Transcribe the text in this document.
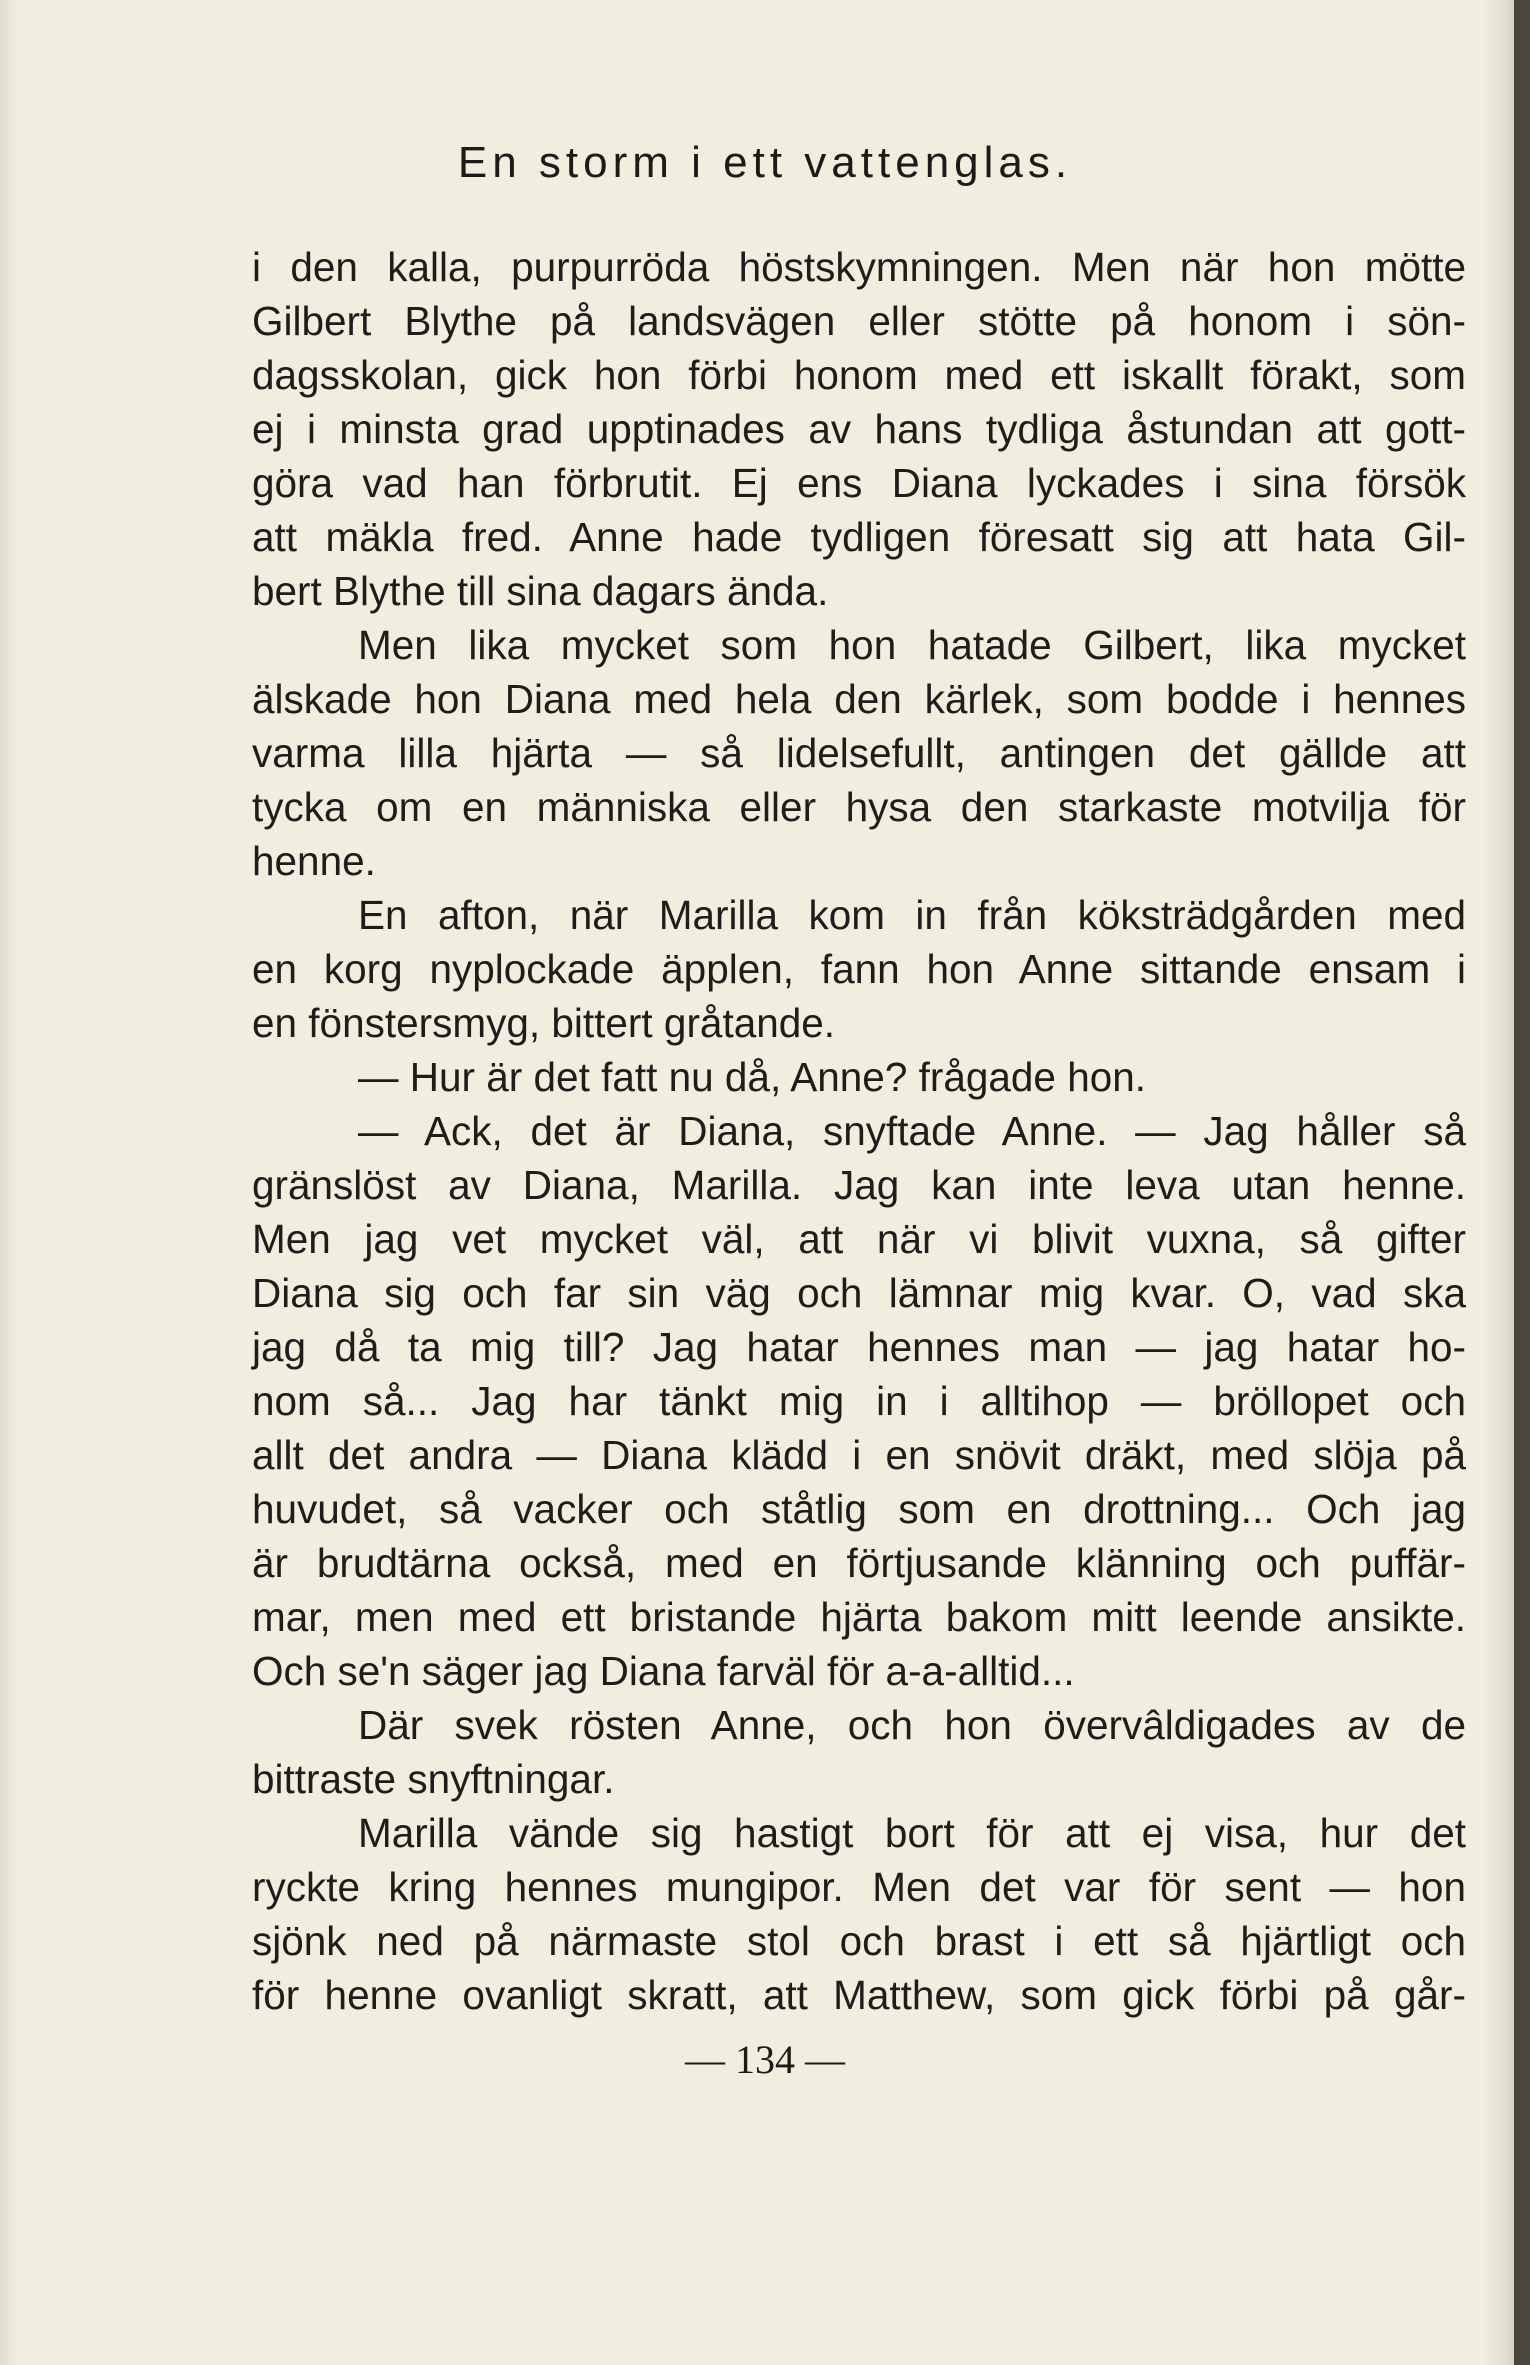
En storm i ett vattenglas.
i den kalla, purpurröda höstskymningen. Men när hon mötte
Gilbert Blythe på landsvägen eller stötte på honom i sön-
dagsskolan, gick hon förbi honom med ett iskallt förakt, som
ej i minsta grad upptinades av hans tydliga åstundan att gott-
göra vad han förbrutit. Ej ens Diana lyckades i sina försök
att mäkla fred. Anne hade tydligen föresatt sig att hata Gil-
bert Blythe till sina dagars ända.
Men lika mycket som hon hatade Gilbert, lika mycket
älskade hon Diana med hela den kärlek, som bodde i hennes
varma lilla hjärta — så lidelsefullt, antingen det gällde att
tycka om en människa eller hysa den starkaste motvilja för
henne.
En afton, när Marilla kom in från köksträdgården med
en korg nyplockade äpplen, fann hon Anne sittande ensam i
en fönstersmyg, bittert gråtande.
— Hur är det fatt nu då, Anne? frågade hon.
— Ack, det är Diana, snyftade Anne. — Jag håller så
gränslöst av Diana, Marilla. Jag kan inte leva utan henne.
Men jag vet mycket väl, att när vi blivit vuxna, så gifter
Diana sig och far sin väg och lämnar mig kvar. O, vad ska
jag då ta mig till? Jag hatar hennes man — jag hatar ho-
nom så... Jag har tänkt mig in i alltihop — bröllopet och
allt det andra — Diana klädd i en snövit dräkt, med slöja på
huvudet, så vacker och ståtlig som en drottning... Och jag
är brudtärna också, med en förtjusande klänning och puffär-
mar, men med ett bristande hjärta bakom mitt leende ansikte.
Och se'n säger jag Diana farväl för a-a-alltid...
Där svek rösten Anne, och hon övervâldigades av de
bittraste snyftningar.
Marilla vände sig hastigt bort för att ej visa, hur det
ryckte kring hennes mungipor. Men det var för sent — hon
sjönk ned på närmaste stol och brast i ett så hjärtligt och
för henne ovanligt skratt, att Matthew, som gick förbi på går-
— 134 —
